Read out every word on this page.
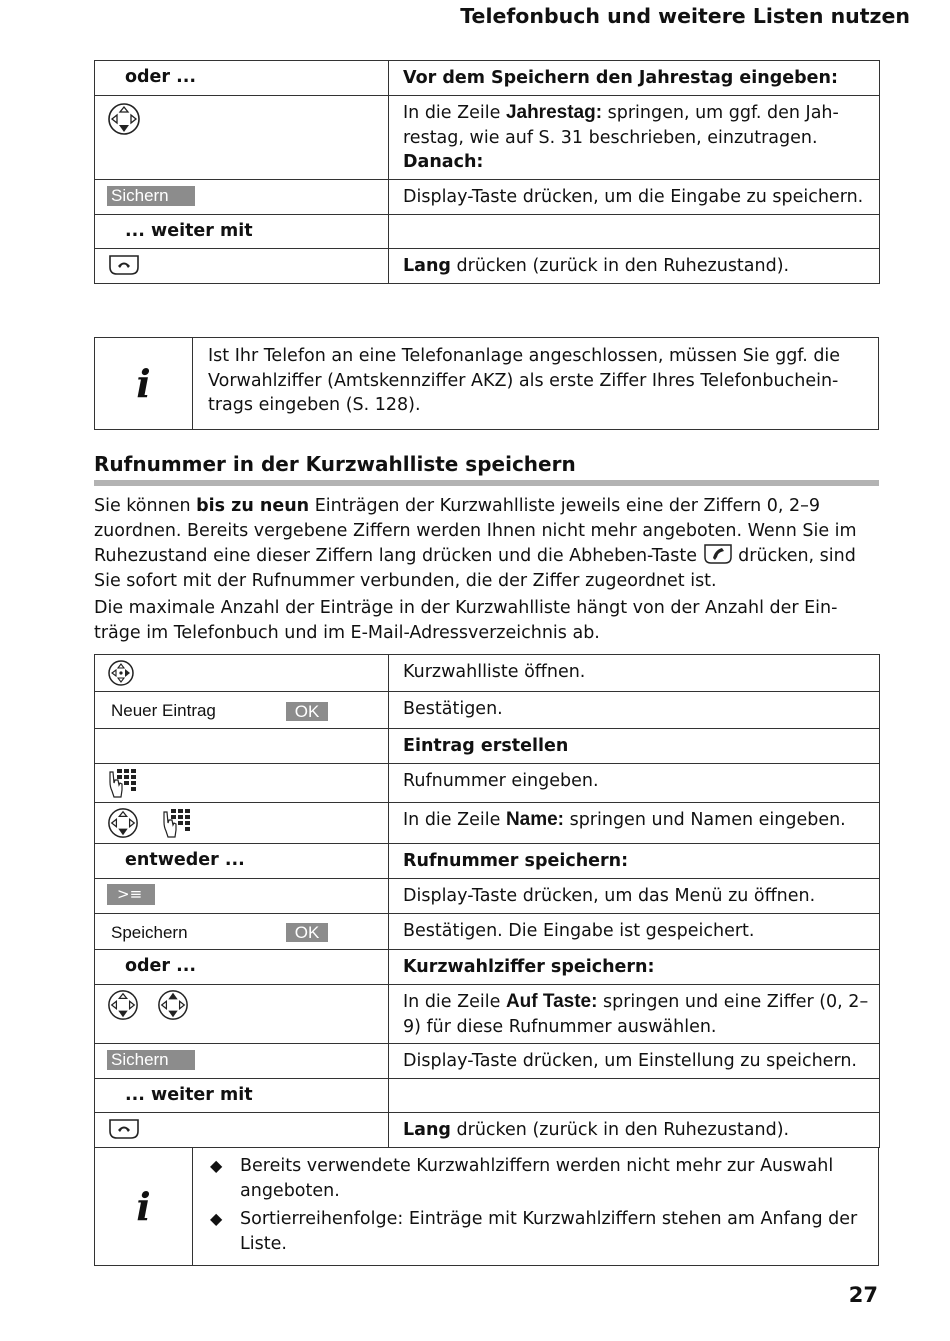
Telefonbuch und weitere Listen nutzen
oder ...	Vor dem Speichern den Jahrestag eingeben:
	In die Zeile Jahrestag: springen, um ggf. den Jah-restag, wie auf S. 31 beschrieben, einzutragen.
Danach:
Sichern	Display-Taste drücken, um die Eingabe zu speichern.
... weiter mit	
	Lang drücken (zurück in den Ruhezustand).
i
Ist Ihr Telefon an eine Telefonanlage angeschlossen, müssen Sie ggf. die Vorwahlziffer (Amtskennziffer AKZ) als erste Ziffer Ihres Telefonbuchein-trags eingeben (S. 128).
Rufnummer in der Kurzwahlliste speichern
Sie können bis zu neun Einträgen der Kurzwahlliste jeweils eine der Ziffern 0, 2–9 zuordnen. Bereits vergebene Ziffern werden Ihnen nicht mehr angeboten. Wenn Sie im Ruhezustand eine dieser Ziffern lang drücken und die Abheben-Taste  drücken, sind Sie sofort mit der Rufnummer verbunden, die der Ziffer zugeordnet ist.
Die maximale Anzahl der Einträge in der Kurzwahlliste hängt von der Anzahl der Ein-träge im Telefonbuch und im E-Mail-Adressverzeichnis ab.
	Kurzwahlliste öffnen.

Neuer Eintrag OK	Bestätigen.
	Eintrag erstellen
	Rufnummer eingeben.
	In die Zeile Name: springen und Namen eingeben.
entweder ...	Rufnummer speichern:

>≡	Display-Taste drücken, um das Menü zu öffnen.

Speichern OK	Bestätigen. Die Eingabe ist gespeichert.
oder ...	Kurzwahlziffer speichern:
	In die Zeile Auf Taste: springen und eine Ziffer (0, 2–9) für diese Rufnummer auswählen.
Sichern	Display-Taste drücken, um Einstellung zu speichern.
... weiter mit	
	Lang drücken (zurück in den Ruhezustand).
i
◆	Bereits verwendete Kurzwahlziffern werden nicht mehr zur Auswahl angeboten.
◆	Sortierreihenfolge: Einträge mit Kurzwahlziffern stehen am Anfang der Liste.
27
